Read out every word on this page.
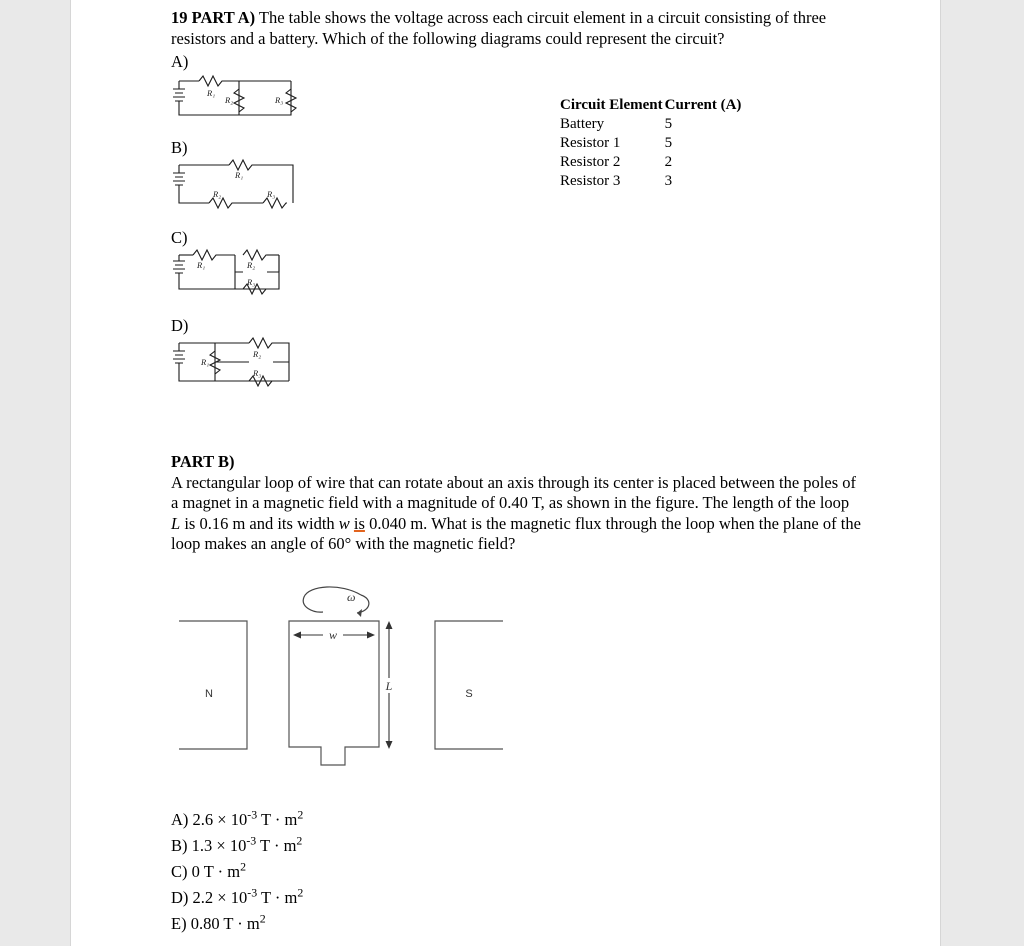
19 PART A) The table shows the voltage across each circuit element in a circuit consisting of three resistors and a battery. Which of the following diagrams could represent the circuit?
A)
R₁
R₂	R₃
B)
R₁
R₂	R₃
C)
R₁	R₂
R₃
D)
R₁
R₂
R₃
Circuit Element	Current (A)
Battery	5
Resistor 1	5
Resistor 2	2
Resistor 3	3
PART B)
A rectangular loop of wire that can rotate about an axis through its center is placed between the poles of a magnet in a magnetic field with a magnitude of 0.40 T, as shown in the figure. The length of the loop L is 0.16 m and its width w is 0.040 m. What is the magnetic flux through the loop when the plane of the loop makes an angle of 60° with the magnetic field?
N	S
ω
w
L
A) $2.6 \times 10^{-3}$ $T \cdot m^2$
B) $1.3 \times 10^{-3}$ $T \cdot m^2$
C) 0 $T \cdot m^2$
D) $2.2 \times 10^{-3}$ $T \cdot m^2$
E) 0.80 $T \cdot m^2$
